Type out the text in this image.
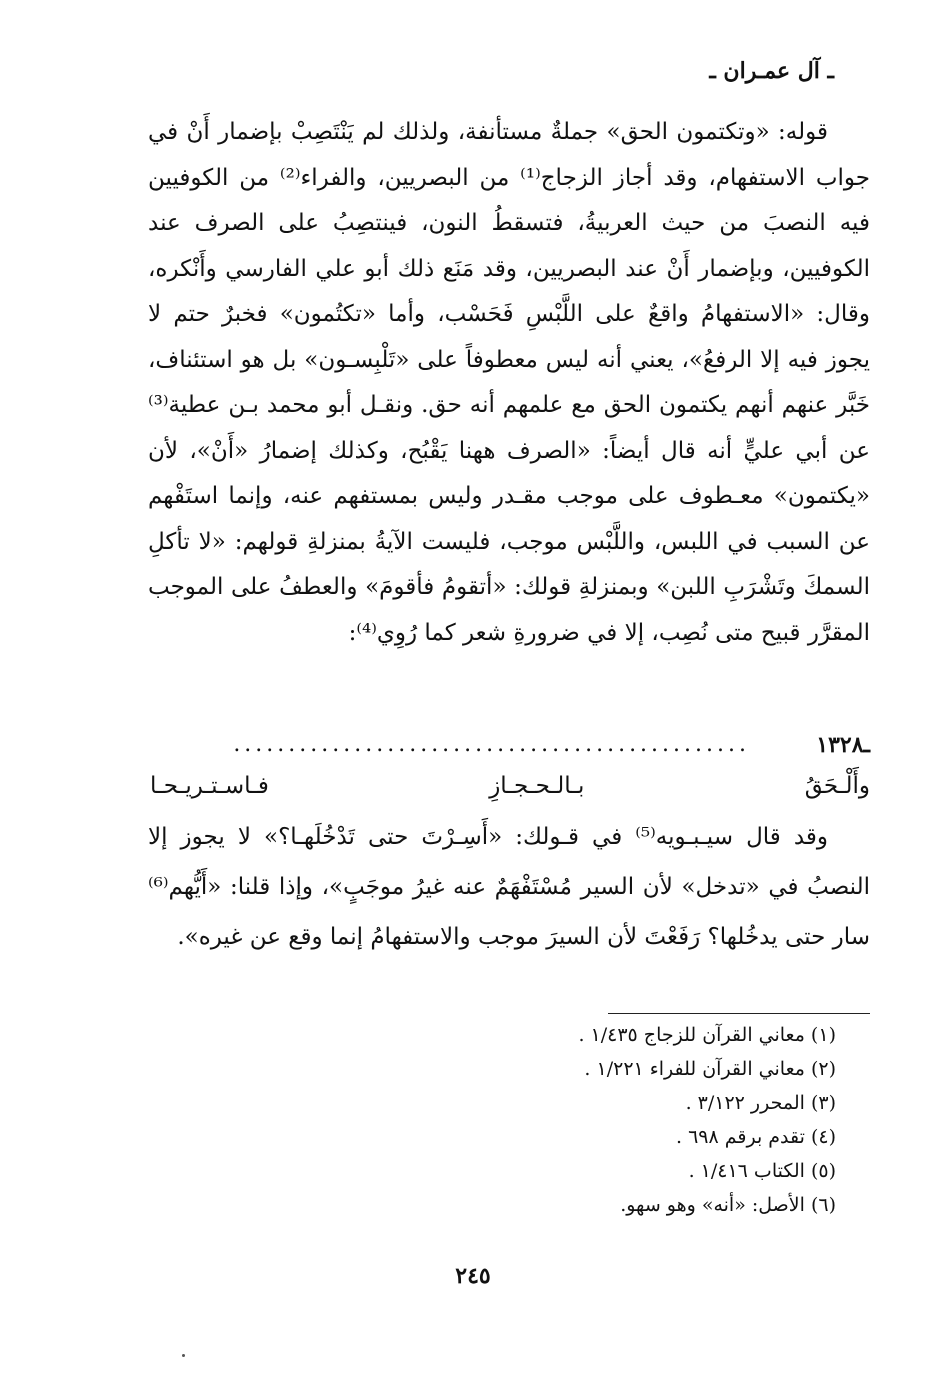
ـ آل عمـران ـ

قوله: «وتكتمون الحق» جملةٌ مستأنفة، ولذلك لم يَنْتَصِبْ بإضمار أَنْ في جواب الاستفهام، وقد أجاز الزجاج⁽¹⁾ من البصريين، والفراء⁽²⁾ من الكوفيين فيه النصبَ من حيث العربيةُ، فتسقطُ النون، فينتصِبُ على الصرف عند الكوفيين، وبإضمار أَنْ عند البصريين، وقد مَنَع ذلك أبو علي الفارسي وأَنْكره، وقال: «الاستفهامُ واقعٌ على اللَّبْسِ فَحَسْب، وأما «تكتُمون» فخبرٌ حتم لا يجوز فيه إلا الرفعُ»، يعني أنه ليس معطوفاً على «تَلْبِسـون» بل هو استئناف، خَبَّر عنهم أنهم يكتمون الحق مع علمهم أنه حق. ونقـل أبو محمد بـن عطية⁽³⁾ عن أبي عليٍّ أنه قال أيضاً: «الصرف ههنا يَقْبُح، وكذلك إضمارُ «أَنْ»، لأن «يكتمون» معـطوف على موجب مقـدر وليس بمستفهم عنه، وإنما استَفْهم عن السبب في اللبس، واللَّبْس موجب، فليست الآيةُ بمنزلةِ قولهم: «لا تأكلِ السمكَ وتَشْرَبِ اللبن» وبمنزلةِ قولك: «أتقومُ فأقومَ» والعطفُ على الموجب المقرَّر قبيح متى نُصِب، إلا في ضرورةِ شعر كما رُوِي⁽⁴⁾:

ـ١٣٢٨
...............................................
وأَلْـحَقُ بـالـحـجـازِ فـاسـتـريـحـا

وقد قال سيـبـويه⁽⁵⁾ في قـولك: «أَسِـرْتَ حتى تَدْخُلَهـا؟» لا يجوز إلا النصبُ في «تدخل» لأن السير مُسْتَفْهَمٌ عنه غيرُ موجَبٍ»، وإذا قلنا: «أَيُّهم⁽⁶⁾ سار حتى يدخُلها؟ رَفَعْتَ لأن السيرَ موجب والاستفهامُ إنما وقع عن غيره».

(١) معاني القرآن للزجاج ١/٤٣٥ .
(٢) معاني القرآن للفراء ١/٢٢١ .
(٣) المحرر ٣/١٢٢ .
(٤) تقدم برقم ٦٩٨ .
(٥) الكتاب ١/٤١٦ .
(٦) الأصل: «أنه» وهو سهو.
٢٤٥
